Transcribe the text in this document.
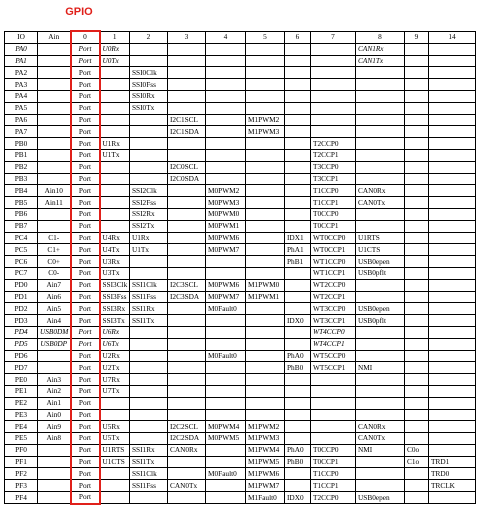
GPIO
IO	Ain	0	1	2	3	4	5	6	7	8	9	14
PA0		Port	U0Rx							CAN1Rx		
PA1		Port	U0Tx							CAN1Tx		
PA2		Port		SSI0Clk								
PA3		Port		SSI0Fss								
PA4		Port		SSI0Rx								
PA5		Port		SSI0Tx								
PA6		Port			I2C1SCL		M1PWM2					
PA7		Port			I2C1SDA		M1PWM3					
PB0		Port	U1Rx						T2CCP0			
PB1		Port	U1Tx						T2CCP1			
PB2		Port			I2C0SCL				T3CCP0			
PB3		Port			I2C0SDA				T3CCP1			
PB4	Ain10	Port		SSI2Clk		M0PWM2			T1CCP0	CAN0Rx		
PB5	Ain11	Port		SSI2Fss		M0PWM3			T1CCP1	CAN0Tx		
PB6		Port		SSI2Rx		M0PWM0			T0CCP0			
PB7		Port		SSI2Tx		M0PWM1			T0CCP1			
PC4	C1-	Port	U4Rx	U1Rx		M0PWM6		IDX1	WT0CCP0	U1RTS		
PC5	C1+	Port	U4Tx	U1Tx		M0PWM7		PhA1	WT0CCP1	U1CTS		
PC6	C0+	Port	U3Rx					PhB1	WT1CCP0	USB0epen		
PC7	C0-	Port	U3Tx						WT1CCP1	USB0pflt		
PD0	Ain7	Port	SSI3Clk	SSI1Clk	I2C3SCL	M0PWM6	M1PWM0		WT2CCP0			
PD1	Ain6	Port	SSI3Fss	SSI1Fss	I2C3SDA	M0PWM7	M1PWM1		WT2CCP1			
PD2	Ain5	Port	SSI3Rx	SSI1Rx		M0Fault0			WT3CCP0	USB0epen		
PD3	Ain4	Port	SSI3Tx	SSI1Tx				IDX0	WT3CCP1	USB0pflt		
PD4	USB0DM	Port	U6Rx						WT4CCP0			
PD5	USB0DP	Port	U6Tx						WT4CCP1			
PD6		Port	U2Rx			M0Fault0		PhA0	WT5CCP0			
PD7		Port	U2Tx					PhB0	WT5CCP1	NMI		
PE0	Ain3	Port	U7Rx									
PE1	Ain2	Port	U7Tx									
PE2	Ain1	Port										
PE3	Ain0	Port										
PE4	Ain9	Port	U5Rx		I2C2SCL	M0PWM4	M1PWM2			CAN0Rx		
PE5	Ain8	Port	U5Tx		I2C2SDA	M0PWM5	M1PWM3			CAN0Tx		
PF0		Port	U1RTS	SSI1Rx	CAN0Rx		M1PWM4	PhA0	T0CCP0	NMI	C0o	
PF1		Port	U1CTS	SSI1Tx			M1PWM5	PhB0	T0CCP1		C1o	TRD1
PF2		Port		SSI1Clk		M0Fault0	M1PWM6		T1CCP0			TRD0
PF3		Port		SSI1Fss	CAN0Tx		M1PWM7		T1CCP1			TRCLK
PF4		Port					M1Fault0	IDX0	T2CCP0	USB0epen		
